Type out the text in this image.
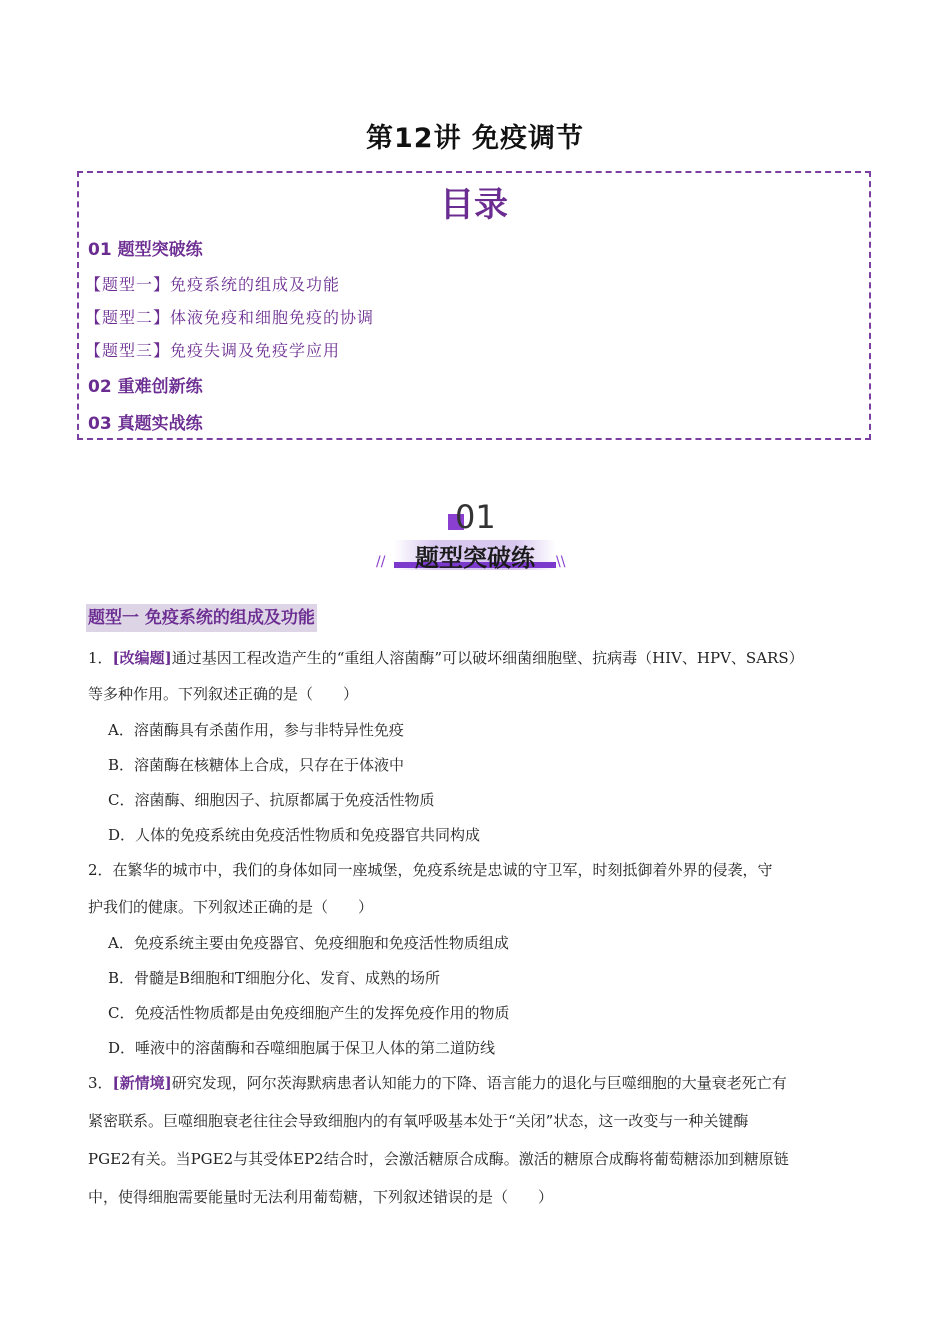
第12讲 免疫调节
目录
01 题型突破练
【题型一】免疫系统的组成及功能
【题型二】体液免疫和细胞免疫的协调
【题型三】免疫失调及免疫学应用
02 重难创新练
03 真题实战练
01
题型突破练
//	\\
题型一 免疫系统的组成及功能
1．[改编题]通过基因工程改造产生的“重组人溶菌酶”可以破坏细菌细胞壁、抗病毒（HIV、HPV、SARS）
等多种作用。下列叙述正确的是（　　）
A．溶菌酶具有杀菌作用，参与非特异性免疫
B．溶菌酶在核糖体上合成，只存在于体液中
C．溶菌酶、细胞因子、抗原都属于免疫活性物质
D．人体的免疫系统由免疫活性物质和免疫器官共同构成
2．在繁华的城市中，我们的身体如同一座城堡，免疫系统是忠诚的守卫军，时刻抵御着外界的侵袭，守
护我们的健康。下列叙述正确的是（　　）
A．免疫系统主要由免疫器官、免疫细胞和免疫活性物质组成
B．骨髓是B细胞和T细胞分化、发育、成熟的场所
C．免疫活性物质都是由免疫细胞产生的发挥免疫作用的物质
D．唾液中的溶菌酶和吞噬细胞属于保卫人体的第二道防线
3．[新情境]研究发现，阿尔茨海默病患者认知能力的下降、语言能力的退化与巨噬细胞的大量衰老死亡有
紧密联系。巨噬细胞衰老往往会导致细胞内的有氧呼吸基本处于“关闭”状态，这一改变与一种关键酶
PGE2有关。当PGE2与其受体EP2结合时，会激活糖原合成酶。激活的糖原合成酶将葡萄糖添加到糖原链
中，使得细胞需要能量时无法利用葡萄糖，下列叙述错误的是（　　）
